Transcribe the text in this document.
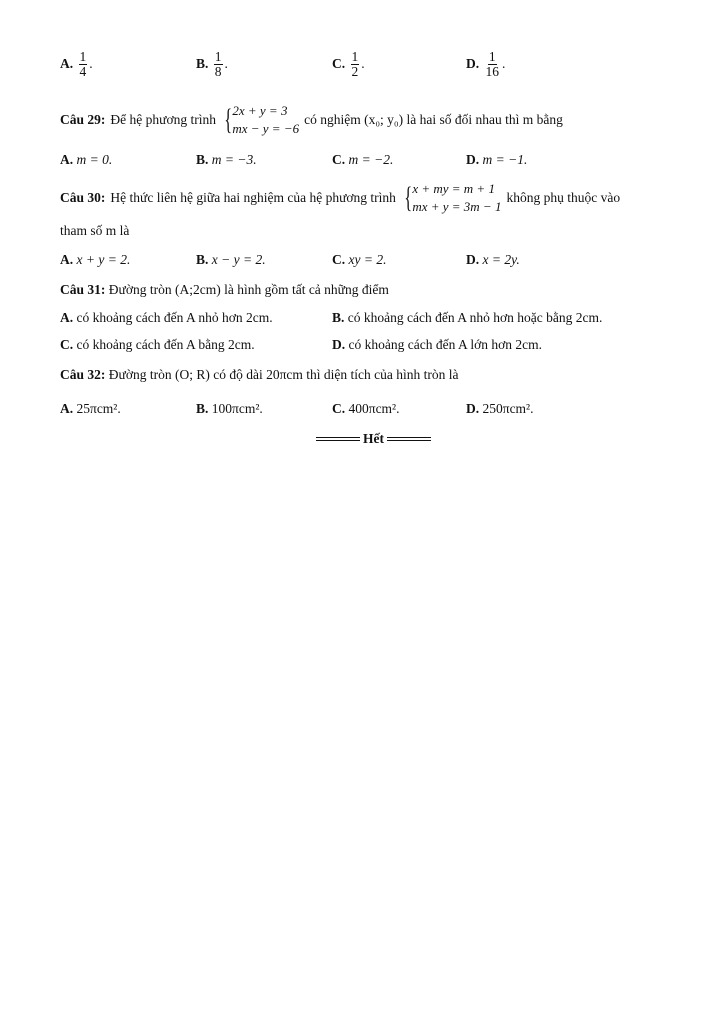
A. $\frac{1}{4}$ .	B. $\frac{1}{8}$ .	C. $\frac{1}{2}$ .	D. $\frac{1}{16}$ .
Câu 29: Để hệ phương trình { 2x + y = 3
mx − y = −6
có nghiệm (x₀; y₀) là hai số đối nhau thì m bằng
A. m = 0.	B. m = −3.	C. m = −2.	D. m = −1.
Câu 30: Hệ thức liên hệ giữa hai nghiệm của hệ phương trình { x + my = m + 1
mx + y = 3m − 1
không phụ thuộc vào
tham số m là
A. x + y = 2.	B. x − y = 2.	C. xy = 2.	D. x = 2y.
Câu 31: Đường tròn (A;2cm) là hình gồm tất cả những điểm
A. có khoảng cách đến A nhỏ hơn 2cm.	B. có khoảng cách đến A nhỏ hơn hoặc bằng 2cm.
C. có khoảng cách đến A bằng 2cm.	D. có khoảng cách đến A lớn hơn 2cm.
Câu 32: Đường tròn (O; R) có độ dài 20πcm thì diện tích của hình tròn là
A. 25πcm².	B. 100πcm².	C. 400πcm².	D. 250πcm².
Hết
